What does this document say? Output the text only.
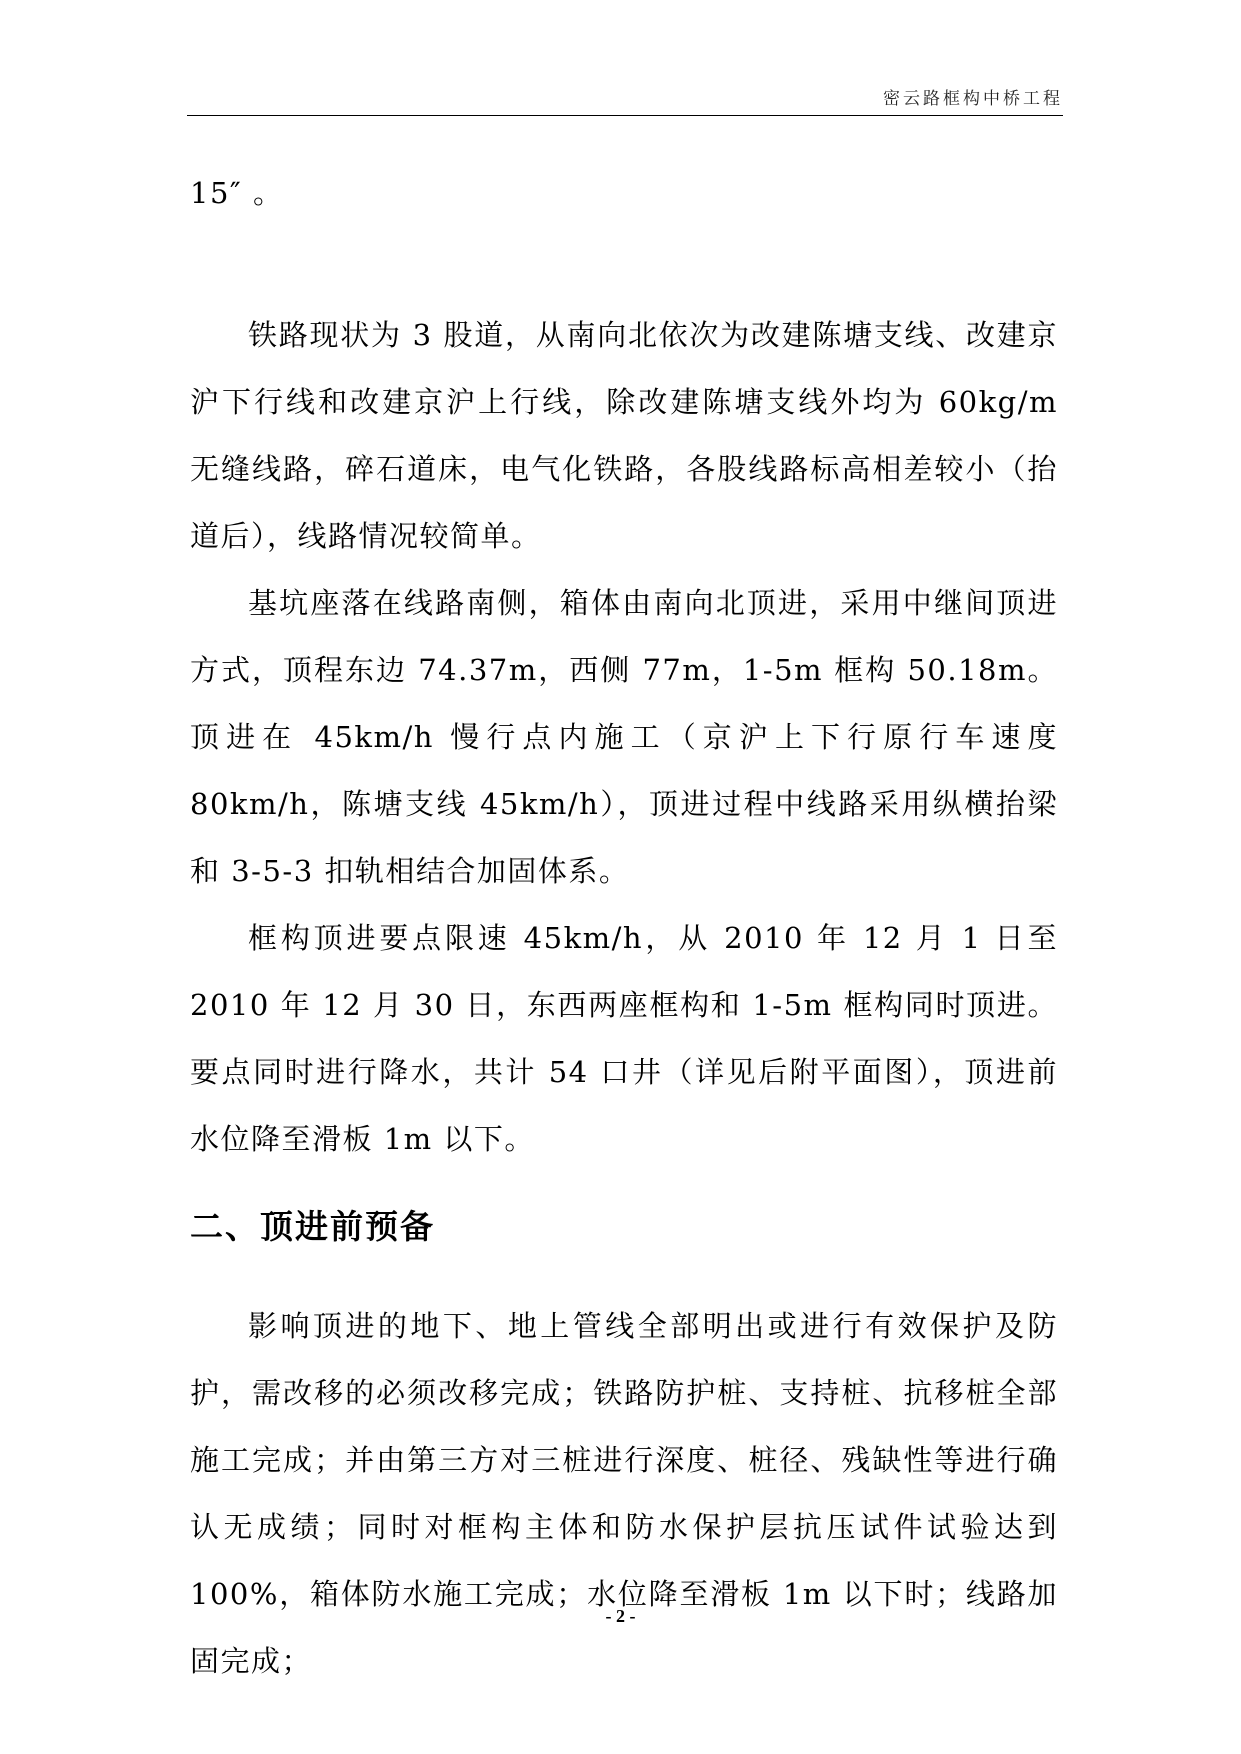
密云路框构中桥工程

15″ 。

铁路现状为 3 股道，从南向北依次为改建陈塘支线、改建京沪下行线和改建京沪上行线，除改建陈塘支线外均为 60kg/m 无缝线路，碎石道床，电气化铁路，各股线路标高相差较小（抬道后），线路情况较简单。

基坑座落在线路南侧，箱体由南向北顶进，采用中继间顶进方式，顶程东边 74.37m，西侧 77m，1-5m 框构 50.18m。顶进在 45km/h 慢行点内施工（京沪上下行原行车速度 80km/h，陈塘支线 45km/h），顶进过程中线路采用纵横抬梁和 3-5-3 扣轨相结合加固体系。

框构顶进要点限速 45km/h，从 2010 年 12 月 1 日至 2010 年 12 月 30 日，东西两座框构和 1-5m 框构同时顶进。要点同时进行降水，共计 54 口井（详见后附平面图），顶进前水位降至滑板 1m 以下。

二、顶进前预备

影响顶进的地下、地上管线全部明出或进行有效保护及防护，需改移的必须改移完成；铁路防护桩、支持桩、抗移桩全部施工完成；并由第三方对三桩进行深度、桩径、残缺性等进行确认无成绩；同时对框构主体和防水保护层抗压试件试验达到 100%，箱体防水施工完成；水位降至滑板 1m 以下时；线路加固完成；

- 2 -
